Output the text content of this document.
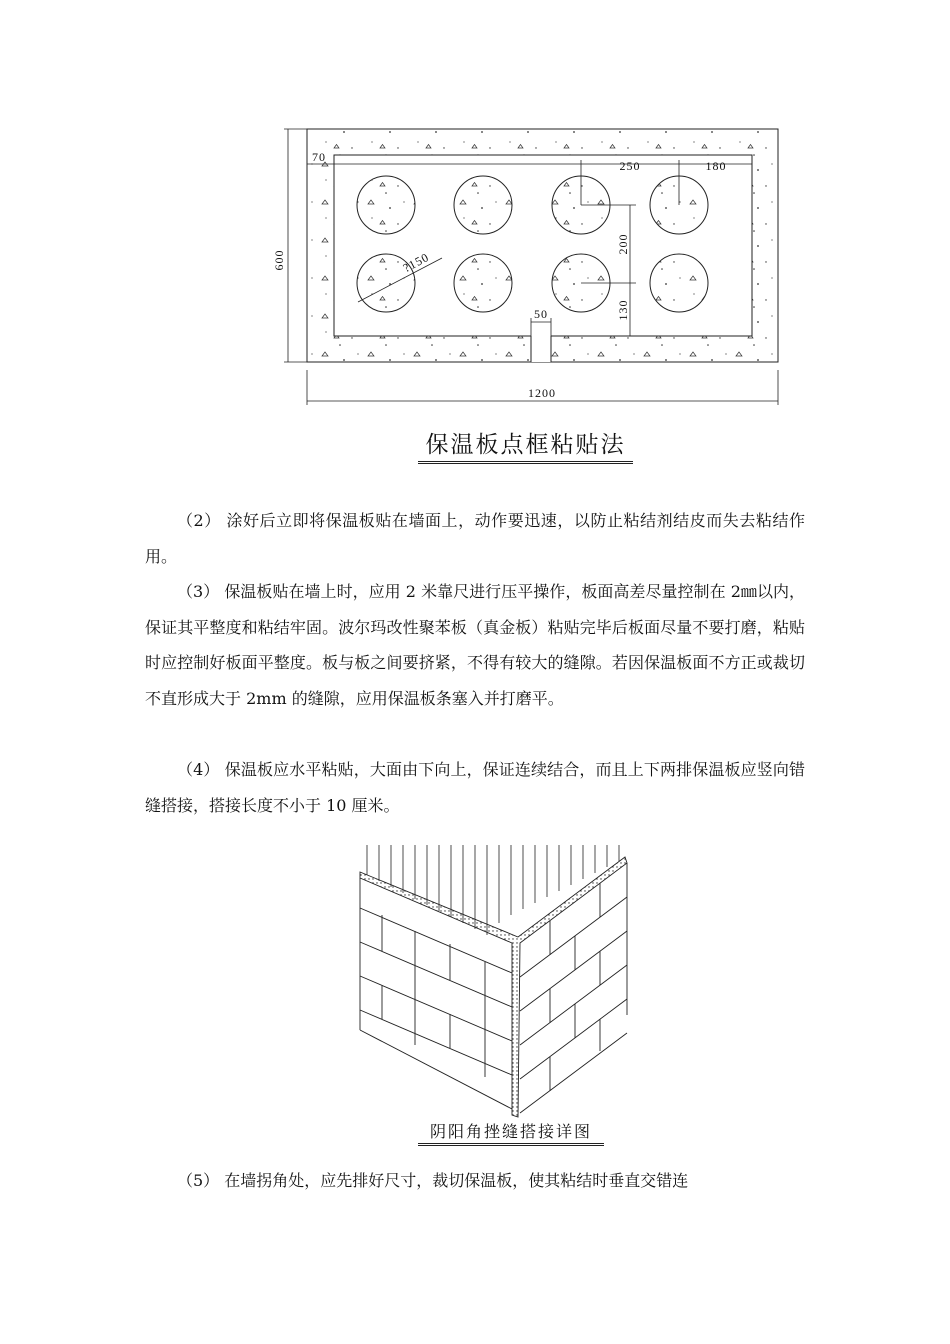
600
1200
70
250	180
200
130
50
?150
保温板点框粘贴法

（2） 涂好后立即将保温板贴在墙面上，动作要迅速，以防止粘结剂结皮而失去粘结作用。

（3） 保温板贴在墙上时，应用 2 米靠尺进行压平操作，板面高差尽量控制在 2㎜以内，保证其平整度和粘结牢固。波尔玛改性聚苯板（真金板）粘贴完毕后板面尽量不要打磨，粘贴时应控制好板面平整度。板与板之间要挤紧，不得有较大的缝隙。若因保温板面不方正或裁切不直形成大于 2mm 的缝隙，应用保温板条塞入并打磨平。

（4） 保温板应水平粘贴，大面由下向上，保证连续结合，而且上下两排保温板应竖向错缝搭接，搭接长度不小于 10 厘米。

阴阳角挫缝搭接详图

（5） 在墙拐角处，应先排好尺寸，裁切保温板，使其粘结时垂直交错连
